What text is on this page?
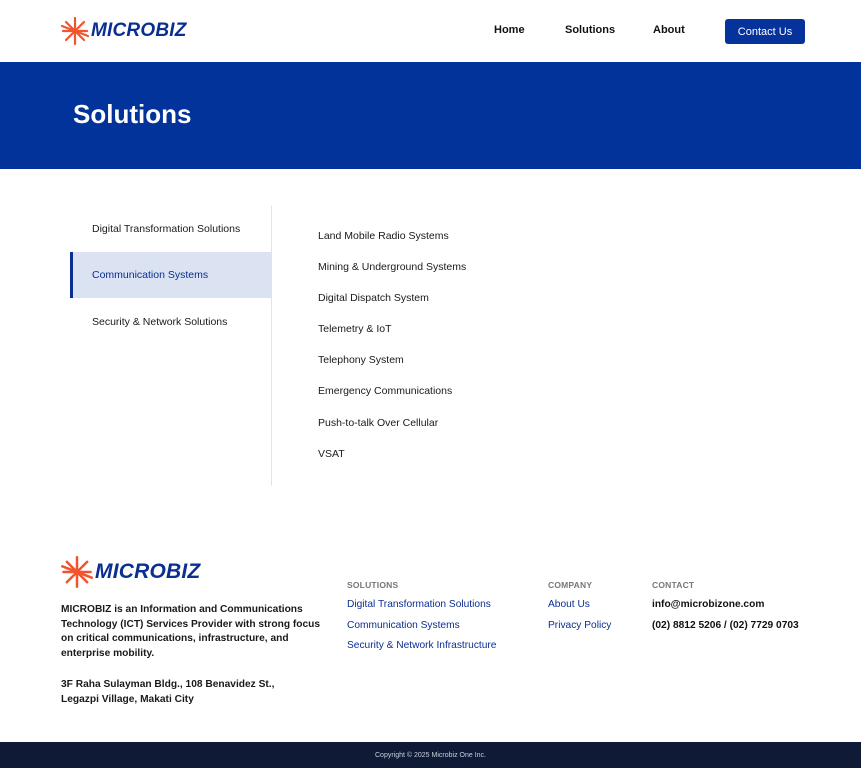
MICROBIZ	Home	Solutions	About	Contact Us
Solutions
Digital Transformation Solutions
Communication Systems
Security & Network Solutions
Land Mobile Radio Systems
Mining & Underground Systems
Digital Dispatch System
Telemetry & IoT
Telephony System
Emergency Communications
Push-to-talk Over Cellular
VSAT
MICROBIZ

MICROBIZ is an Information and Communications Technology (ICT) Services Provider with strong focus on critical communications, infrastructure, and enterprise mobility.

3F Raha Sulayman Bldg., 108 Benavidez St.,
Legazpi Village, Makati City
SOLUTIONS
Digital Transformation Solutions
Communication Systems
Security & Network Infrastructure
COMPANY
About Us
Privacy Policy
CONTACT
info@microbizone.com
(02) 8812 5206 / (02) 7729 0703
Copyright © 2025 Microbiz One Inc.
